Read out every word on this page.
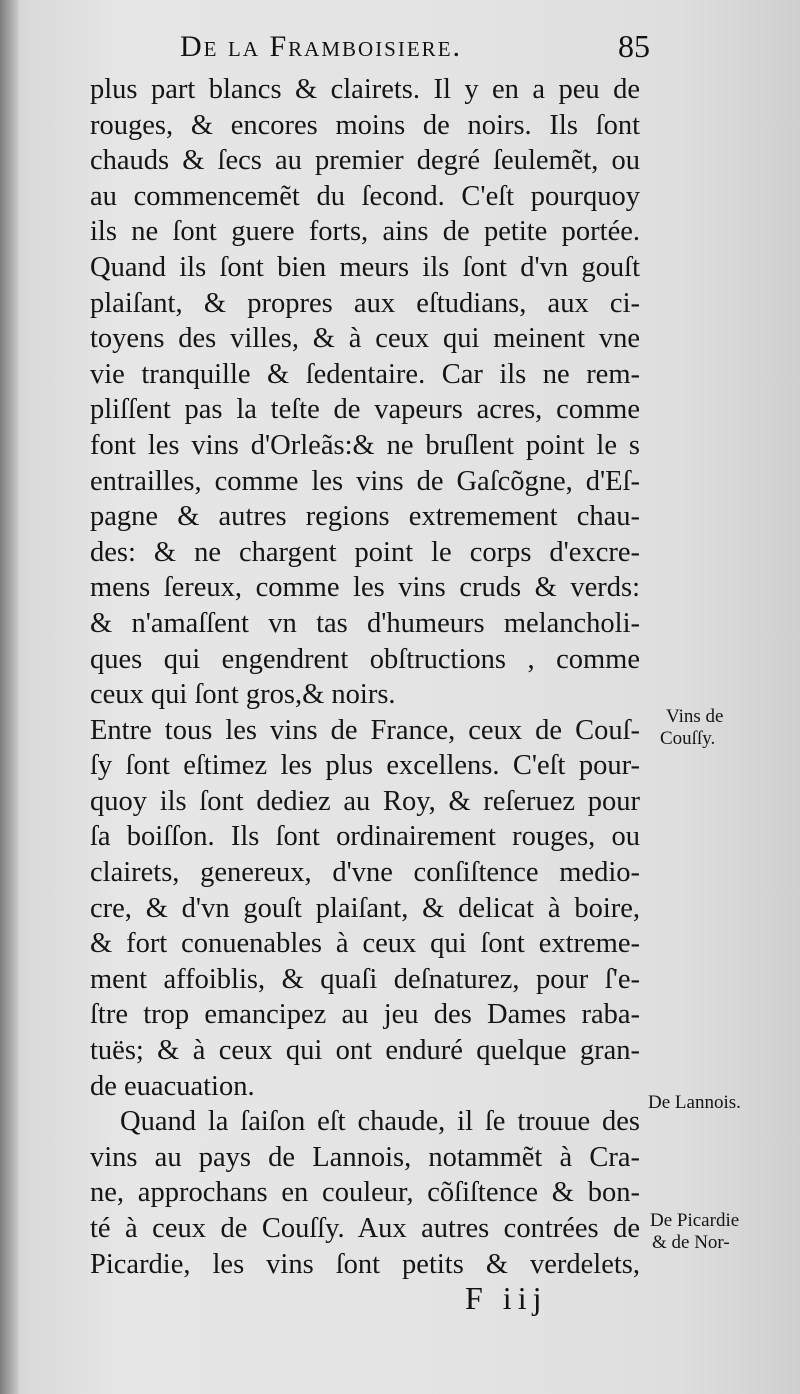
De la Framboisiere.	85
plus part blancs & clairets. Il y en a peu de
rouges, & encores moins de noirs. Ils ſont
chauds & ſecs au premier degré ſeulemẽt, ou
au commencemẽt du ſecond. C'eſt pourquoy
ils ne ſont guere forts, ains de petite portée.
Quand ils ſont bien meurs ils ſont d'vn gouſt
plaiſant, & propres aux eſtudians, aux ci-
toyens des villes, & à ceux qui meinent vne
vie tranquille & ſedentaire. Car ils ne rem-
pliſſent pas la teſte de vapeurs acres, comme
font les vins d'Orleãs:& ne bruſlent point le s
entrailles, comme les vins de Gaſcõgne, d'Eſ-
pagne & autres regions extremement chau-
des: & ne chargent point le corps d'excre-
mens ſereux, comme les vins cruds & verds:
& n'amaſſent vn tas d'humeurs melancholi-
ques qui engendrent obſtructions , comme
ceux qui ſont gros,& noirs.
Entre tous les vins de France, ceux de Couſ-
ſy ſont eſtimez les plus excellens. C'eſt pour-
quoy ils ſont dediez au Roy, & reſeruez pour
ſa boiſſon. Ils ſont ordinairement rouges, ou
clairets, genereux, d'vne conſiſtence medio-
cre, & d'vn gouſt plaiſant, & delicat à boire,
& fort conuenables à ceux qui ſont extreme-
ment affoiblis, & quaſi deſnaturez, pour ſ'e-
ſtre trop emancipez au jeu des Dames raba-
tuës; & à ceux qui ont enduré quelque gran-
de euacuation.
Quand la ſaiſon eſt chaude, il ſe trouue des
vins au pays de Lannois, notammẽt à Cra-
ne, approchans en couleur, cõſiſtence & bon-
té à ceux de Couſſy. Aux autres contrées de
Picardie, les vins ſont petits & verdelets,
Vins de
Couſſy.
De Lannois.
De Picardie
& de Nor-
F iij
